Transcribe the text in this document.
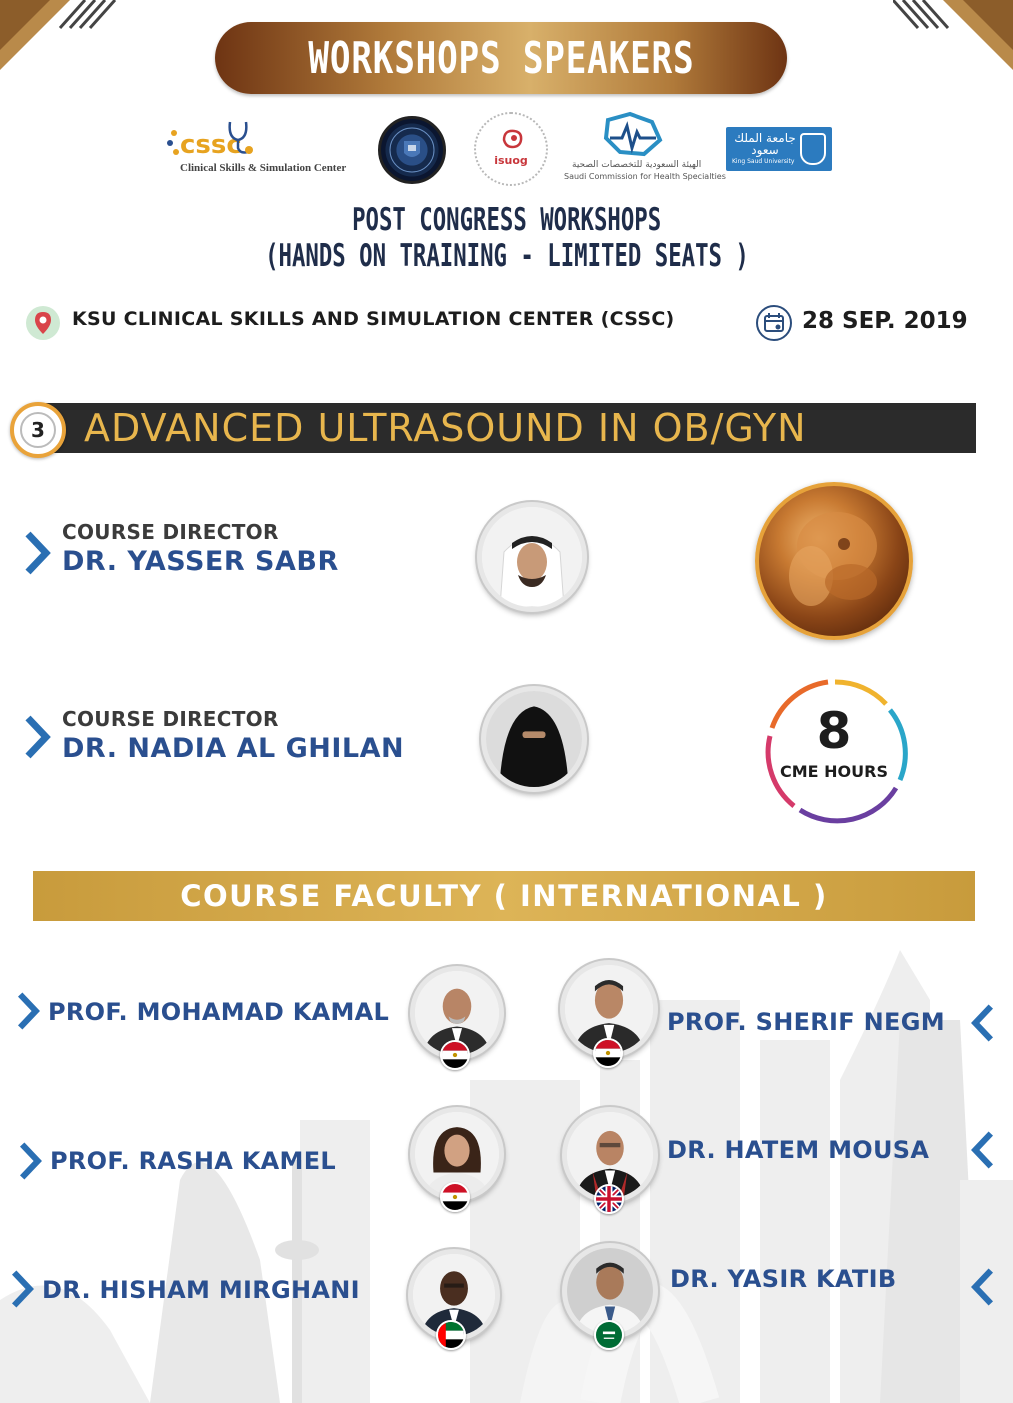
WORKSHOPS SPEAKERS
cssc
Clinical Skills & Simulation Center
isuog	الهيئة السعودية للتخصصات الصحية
Saudi Commission for Health Specialties
جامعة الملك سعود
King Saud University
POST CONGRESS WORKSHOPS
(HANDS ON TRAINING - LIMITED SEATS )
KSU CLINICAL SKILLS AND SIMULATION CENTER (CSSC)	28 SEP. 2019
3 ADVANCED ULTRASOUND IN OB/GYN
COURSE DIRECTOR
DR. YASSER SABR
COURSE DIRECTOR
DR. NADIA AL GHILAN	8
CME HOURS
COURSE FACULTY ( INTERNATIONAL )
PROF. MOHAMAD KAMAL
PROF. RASHA KAMEL
DR. HISHAM MIRGHANI
PROF. SHERIF NEGM
DR. HATEM MOUSA
DR. YASIR KATIB
